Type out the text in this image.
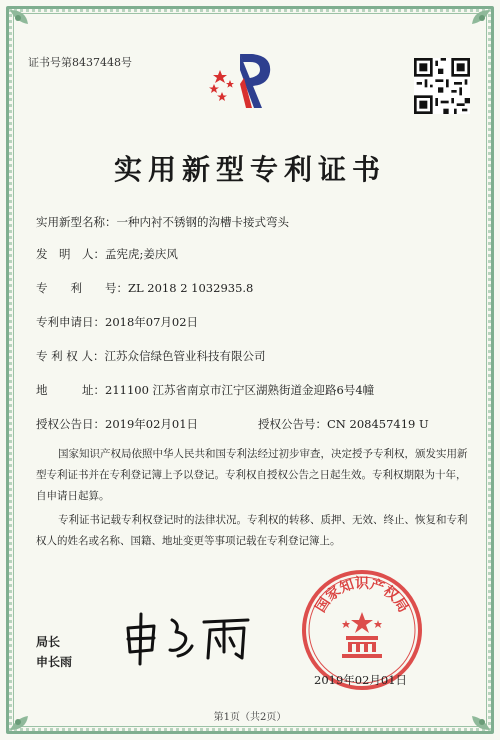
证书号第8437448号
实用新型专利证书
实用新型名称：一种内衬不锈钢的沟槽卡接式弯头
发　明　人：孟宪虎;姜庆风
专　　利　　号：ZL 2018 2 1032935.8
专利申请日：2018年07月02日
专 利 权 人：江苏众信绿色管业科技有限公司
地　　　址：211100 江苏省南京市江宁区湖熟街道金迎路6号4幢
授权公告日：2019年02月01日	授权公告号：CN 208457419 U
国家知识产权局依照中华人民共和国专利法经过初步审查，决定授予专利权，颁发实用新型专利证书并在专利登记簿上予以登记。专利权自授权公告之日起生效。专利权期限为十年，自申请日起算。
专利证书记载专利权登记时的法律状况。专利权的转移、质押、无效、终止、恢复和专利权人的姓名或名称、国籍、地址变更等事项记载在专利登记簿上。
局长
申长雨
国家知识产权局
2019年02月01日
第1页（共2页）
